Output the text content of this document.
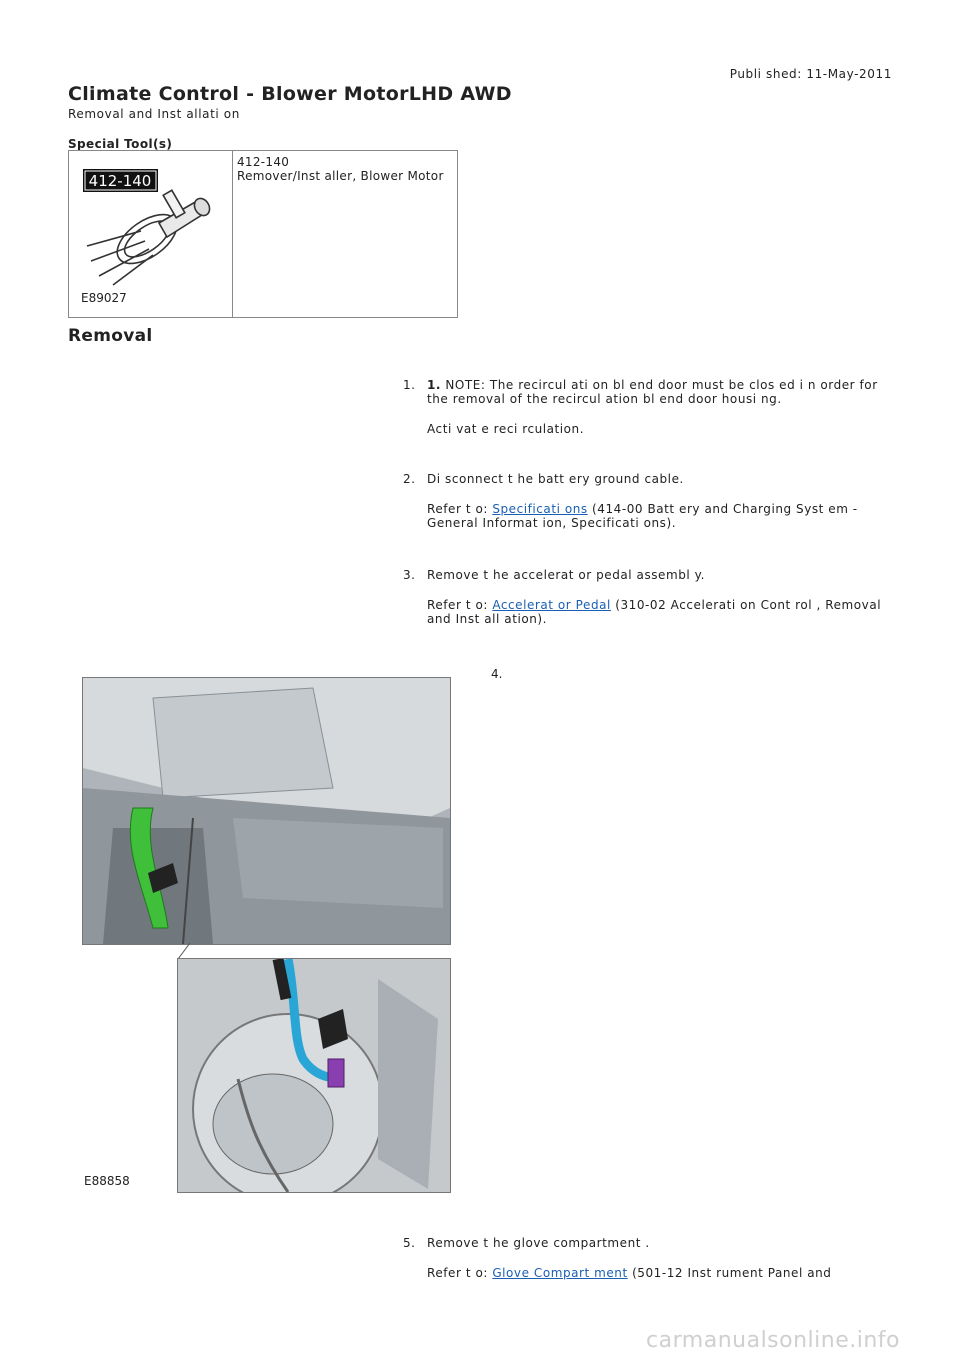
Publi shed: 11-May-2011
Climate Control - Blower MotorLHD AWD
Removal and Inst allati on
Special Tool(s)
412-140
E89027

412-140
Remover/Inst aller, Blower Motor
Removal
1. 1. NOTE: The recircul ati on bl end door must be clos ed i n order for the removal of the recircul ation bl end door housi ng.

Acti vat e reci rculation.

2. Di sconnect t he batt ery ground cable.

Refer t o: Specificati ons (414-00 Batt ery and Charging Syst em - General Informat ion, Specificati ons).

3. Remove t he accelerat or pedal assembl y.

Refer t o: Accelerat or Pedal (310-02 Accelerati on Cont rol , Removal and Inst all ation).

4.
E88858
5. Remove t he glove compartment .

Refer t o: Glove Compart ment (501-12 Inst rument Panel and

carmanualsonline.info
